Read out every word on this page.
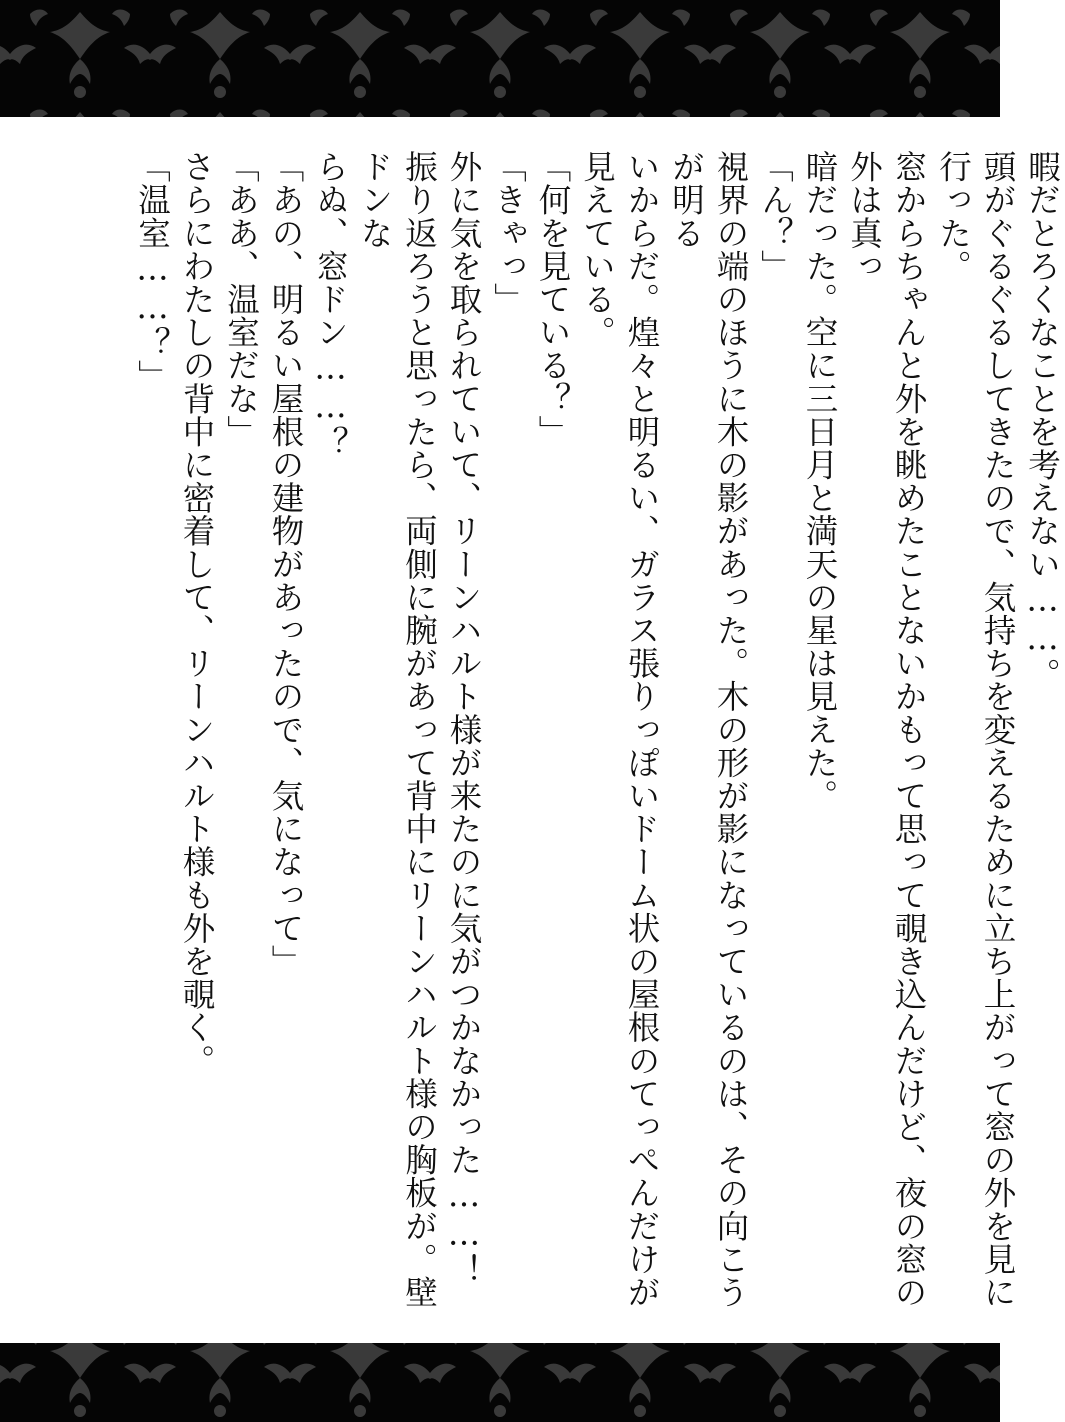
暇だとろくなことを考えない……。

頭がぐるぐるしてきたので、気持ちを変えるために立ち上がって窓の外を見に行った。

窓からちゃんと外を眺めたことないかもって思って覗き込んだけど、夜の窓の外は真っ

暗だった。空に三日月と満天の星は見えた。

「ん？」

視界の端のほうに木の影があった。木の形が影になっているのは、その向こうが明る

いからだ。煌々と明るい、ガラス張りっぽいドーム状の屋根のてっぺんだけが見えている。

「何を見ている？」

「きゃっ」

外に気を取られていて、リーンハルト様が来たのに気がつかなかった……！

振り返ろうと思ったら、両側に腕があって背中にリーンハルト様の胸板が。壁ドンな

らぬ、窓ドン……？

「あの、明るい屋根の建物があったので、気になって」

「ああ、温室だな」

さらにわたしの背中に密着して、リーンハルト様も外を覗く。

「温室……？」
